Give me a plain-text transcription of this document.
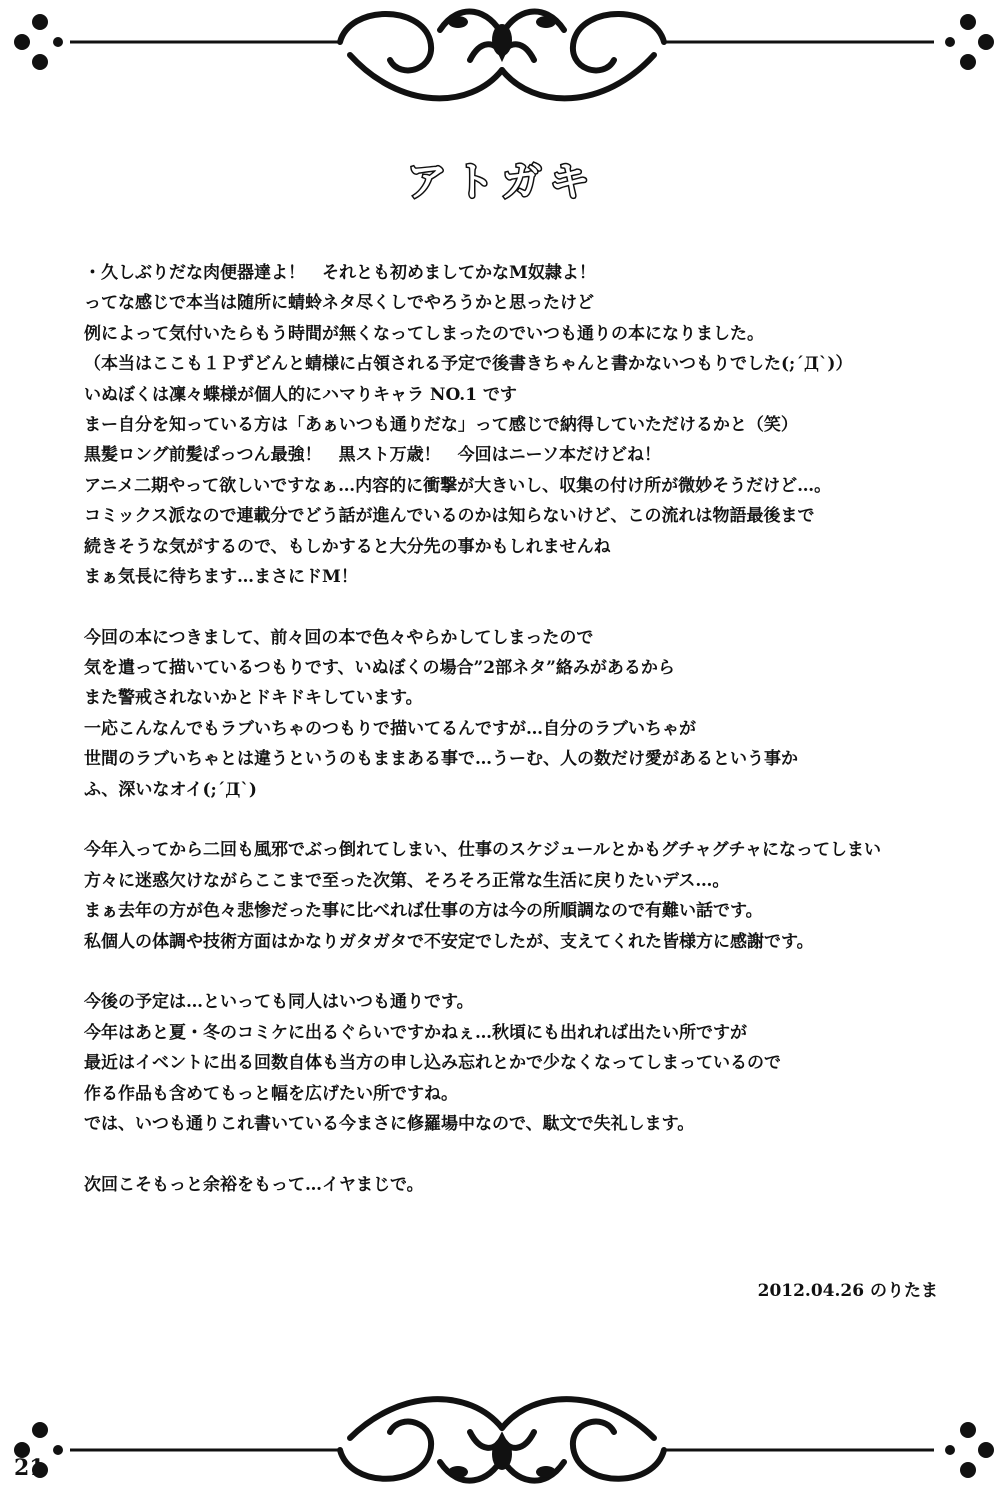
アトガキ
・久しぶりだな肉便器達よ！　それとも初めましてかなM奴隷よ！
ってな感じで本当は随所に蜻蛉ネタ尽くしでやろうかと思ったけど
例によって気付いたらもう時間が無くなってしまったのでいつも通りの本になりました。
（本当はここも１Ｐずどんと蜻様に占領される予定で後書きちゃんと書かないつもりでした(;´Д`)）
いぬぼくは凜々蝶様が個人的にハマりキャラ NO.1 です
まー自分を知っている方は「あぁいつも通りだな」って感じで納得していただけるかと（笑）
黒髪ロング前髪ぱっつん最強！　黒スト万歳！　今回はニーソ本だけどね！
アニメ二期やって欲しいですなぁ…内容的に衝撃が大きいし、収集の付け所が微妙そうだけど…。
コミックス派なので連載分でどう話が進んでいるのかは知らないけど、この流れは物語最後まで
続きそうな気がするので、もしかすると大分先の事かもしれませんね
まぁ気長に待ちます…まさにドM！
今回の本につきまして、前々回の本で色々やらかしてしまったので
気を遣って描いているつもりです、いぬぼくの場合”2部ネタ”絡みがあるから
また警戒されないかとドキドキしています。
一応こんなんでもラブいちゃのつもりで描いてるんですが…自分のラブいちゃが
世間のラブいちゃとは違うというのもままある事で…うーむ、人の数だけ愛があるという事か
ふ、深いなオイ(;´Д`)
今年入ってから二回も風邪でぶっ倒れてしまい、仕事のスケジュールとかもグチャグチャになってしまい
方々に迷惑欠けながらここまで至った次第、そろそろ正常な生活に戻りたいデス…。
まぁ去年の方が色々悲惨だった事に比べれば仕事の方は今の所順調なので有難い話です。
私個人の体調や技術方面はかなりガタガタで不安定でしたが、支えてくれた皆様方に感謝です。
今後の予定は…といっても同人はいつも通りです。
今年はあと夏・冬のコミケに出るぐらいですかねぇ…秋頃にも出れれば出たい所ですが
最近はイベントに出る回数自体も当方の申し込み忘れとかで少なくなってしまっているので
作る作品も含めてもっと幅を広げたい所ですね。
では、いつも通りこれ書いている今まさに修羅場中なので、駄文で失礼します。
次回こそもっと余裕をもって…イヤまじで。
2012.04.26 のりたま
21
